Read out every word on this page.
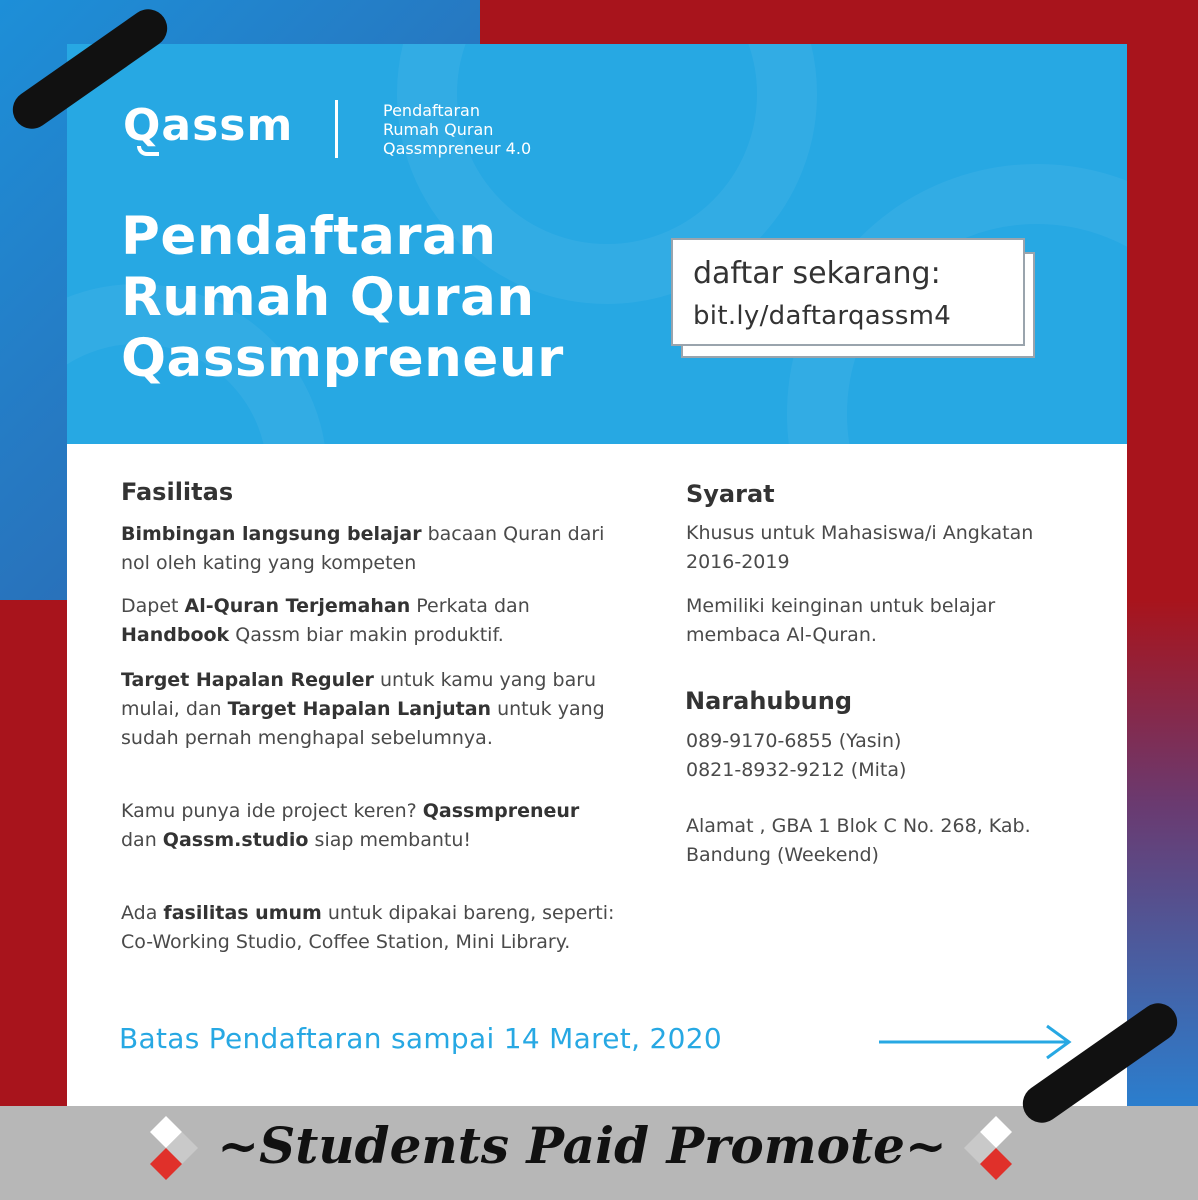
Qassm	Pendaftaran
Rumah Quran
Qassmpreneur 4.0
Pendaftaran
Rumah Quran
Qassmpreneur
daftar sekarang:
bit.ly/daftarqassm4
Fasilitas
Bimbingan langsung belajar bacaan Quran dari nol oleh kating yang kompeten
Dapet Al-Quran Terjemahan Perkata dan Handbook Qassm biar makin produktif.
Target Hapalan Reguler untuk kamu yang baru mulai, dan Target Hapalan Lanjutan untuk yang sudah pernah menghapal sebelumnya.
Kamu punya ide project keren? Qassmpreneur dan Qassm.studio siap membantu!
Ada fasilitas umum untuk dipakai bareng, seperti: Co-Working Studio, Coffee Station, Mini Library.
Syarat
Khusus untuk Mahasiswa/i Angkatan 2016-2019
Memiliki keinginan untuk belajar membaca Al-Quran.
Narahubung
089-9170-6855 (Yasin)
0821-8932-9212 (Mita)
Alamat , GBA 1 Blok C No. 268, Kab. Bandung (Weekend)
Batas Pendaftaran sampai 14 Maret, 2020
~Students Paid Promote~
